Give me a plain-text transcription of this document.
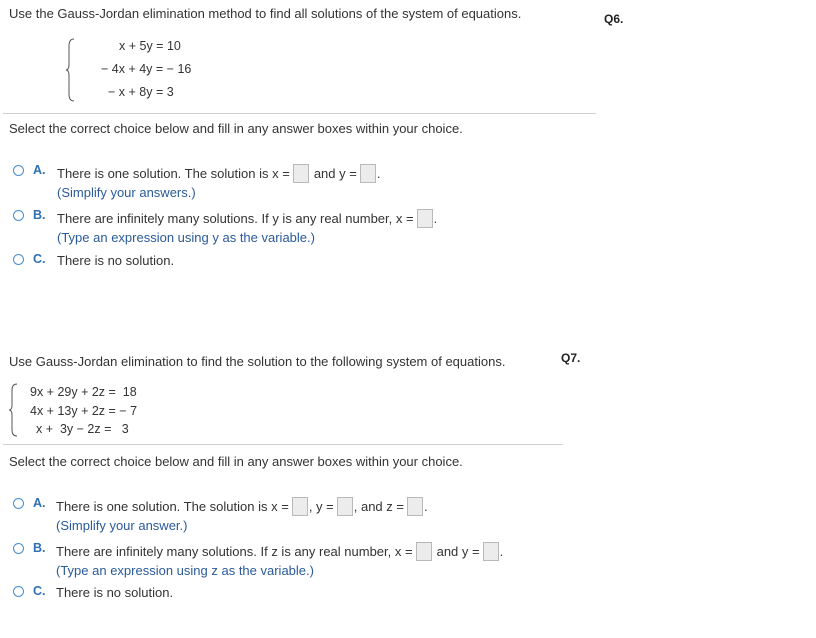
Use the Gauss-Jordan elimination method to find all solutions of the system of equations.	Q6.
x + 5y = 10
− 4x + 4y = − 16
− x + 8y = 3
Select the correct choice below and fill in any answer boxes within your choice.
A. There is one solution. The solution is x = and y = .
(Simplify your answers.)
B. There are infinitely many solutions. If y is any real number, x = .
(Type an expression using y as the variable.)
C. There is no solution.
Use Gauss-Jordan elimination to find the solution to the following system of equations.	Q7.
9x + 29y + 2z =  18
4x + 13y + 2z = − 7
x +  3y − 2z =   3
Select the correct choice below and fill in any answer boxes within your choice.
A. There is one solution. The solution is x = , y = , and z = .
(Simplify your answer.)
B. There are infinitely many solutions. If z is any real number, x = and y = .
(Type an expression using z as the variable.)
C. There is no solution.
